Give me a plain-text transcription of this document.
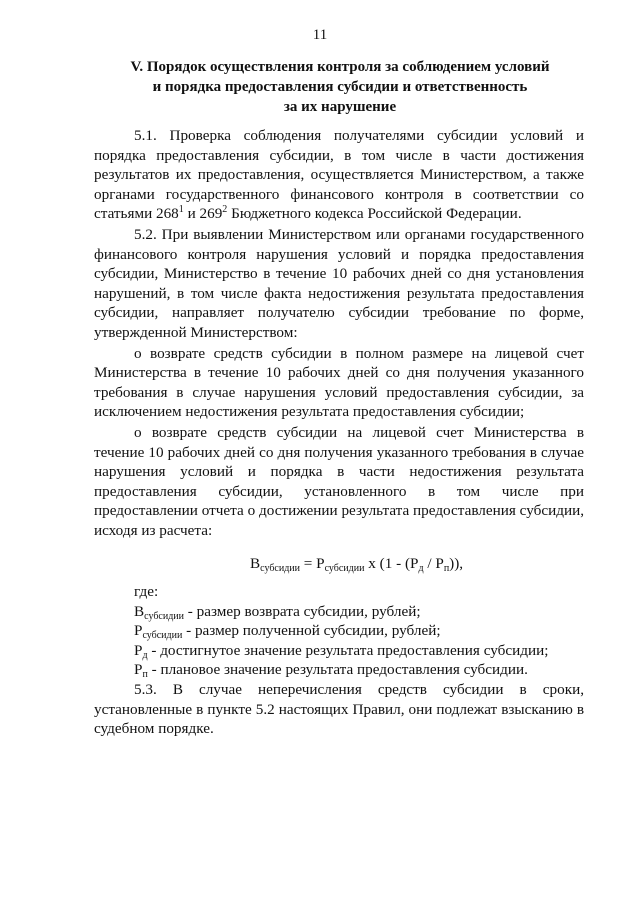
11
V. Порядок осуществления контроля за соблюдением условий
и порядка предоставления субсидии и ответственность
за их нарушение

5.1. Проверка соблюдения получателями субсидии условий и порядка предоставления субсидии, в том числе в части достижения результатов их предоставления, осуществляется Министерством, а также органами государственного финансового контроля в соответствии со статьями $268^1$ и $269^2$ Бюджетного кодекса Российской Федерации.

5.2. При выявлении Министерством или органами государственного финансового контроля нарушения условий и порядка предоставления субсидии, Министерство в течение 10 рабочих дней со дня установления нарушений, в том числе факта недостижения результата предоставления субсидии, направляет получателю субсидии требование по форме, утвержденной Министерством:

о возврате средств субсидии в полном размере на лицевой счет Министерства в течение 10 рабочих дней со дня получения указанного требования в случае нарушения условий предоставления субсидии, за исключением недостижения результата предоставления субсидии;

о возврате средств субсидии на лицевой счет Министерства в течение 10 рабочих дней со дня получения указанного требования в случае нарушения условий и порядка в части недостижения результата предоставления субсидии, установленного в том числе при предоставлении отчета о достижении результата предоставления субсидии, исходя из расчета:

$В_{субсидии} = Р_{субсидии}$ х $(1 - (Р_д / Р_п))$,

где:

$В_{субсидии}$ - размер возврата субсидии, рублей;

$Р_{субсидии}$ - размер полученной субсидии, рублей;

$Р_д$ - достигнутое значение результата предоставления субсидии;

$Р_п$ - плановое значение результата предоставления субсидии.

5.3. В случае неперечисления средств субсидии в сроки, установленные в пункте 5.2 настоящих Правил, они подлежат взысканию в судебном порядке.
